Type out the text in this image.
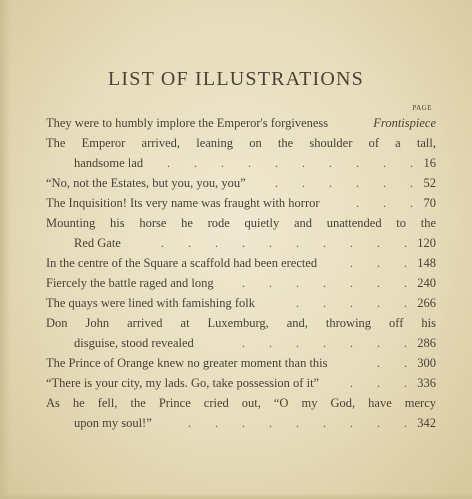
LIST OF ILLUSTRATIONS
PAGE
They were to humbly implore the Emperor's forgiveness	Frontispiece
The Emperor arrived, leaning on the shoulder of a tall,
handsome lad	16
.  .  .  .  .  .  .  .  .  .
“No, not the Estates, but you, you, you”	52
.  .  .  .  .  .
The Inquisition! Its very name was fraught with horror	70
.  .  .
Mounting his horse he rode quietly and unattended to the
Red Gate	120
.  .  .  .  .  .  .  .  .  .
In the centre of the Square a scaffold had been erected	148
.  .  .
Fiercely the battle raged and long	240
.  .  .  .  .  .  .
The quays were lined with famishing folk	266
.  .  .  .  .
Don John arrived at Luxemburg, and, throwing off his
disguise, stood revealed	286
.  .  .  .  .  .  .
The Prince of Orange knew no greater moment than this	300
.  .
“There is your city, my lads. Go, take possession of it”	336
.  .  .
As he fell, the Prince cried out, “O my God, have mercy
upon my soul!”	342
.  .  .  .  .  .  .  .  .
